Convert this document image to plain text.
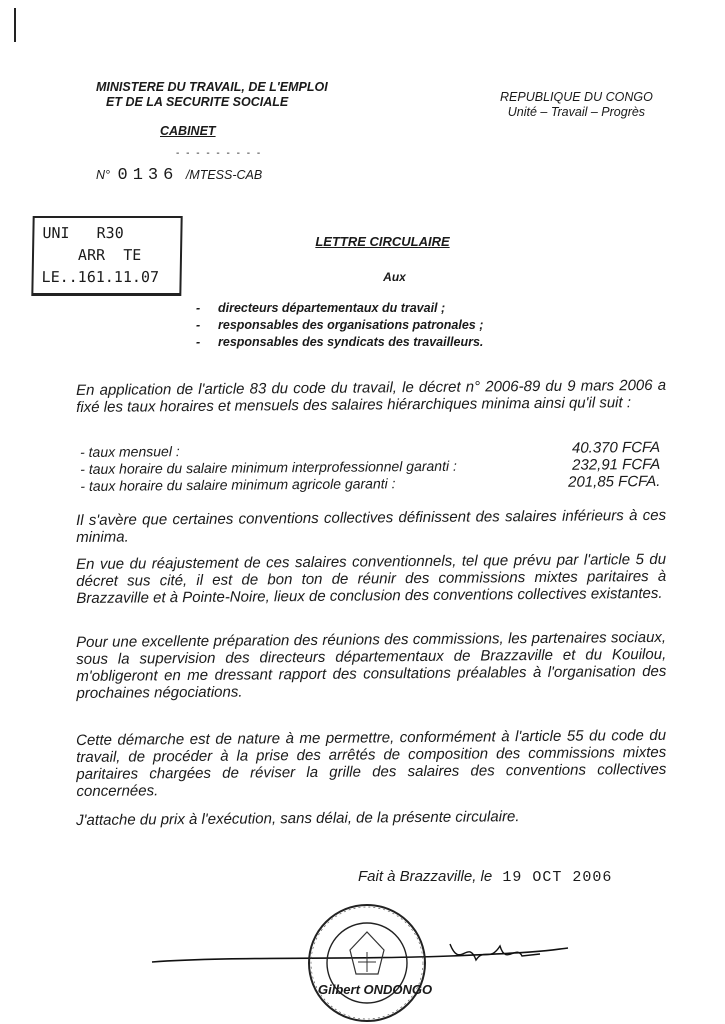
MINISTERE DU TRAVAIL, DE L'EMPLOI
ET DE LA SECURITE SOCIALE
CABINET
- - - - - - - - -
N° 0136 /MTESS-CAB
REPUBLIQUE DU CONGO
Unité – Travail – Progrès
UNI R30
ARR TE
LE..161.11.07
LETTRE CIRCULAIRE
Aux
- directeurs départementaux du travail ;
- responsables des organisations patronales ;
- responsables des syndicats des travailleurs.
En application de l'article 83 du code du travail, le décret n° 2006-89 du 9 mars 2006 a fixé les taux horaires et mensuels des salaires hiérarchiques minima ainsi qu'il suit :
- taux mensuel :	40.370 FCFA
- taux horaire du salaire minimum interprofessionnel garanti :	232,91 FCFA
- taux horaire du salaire minimum agricole garanti :	201,85 FCFA.
Il s'avère que certaines conventions collectives définissent des salaires inférieurs à ces minima.
En vue du réajustement de ces salaires conventionnels, tel que prévu par l'article 5 du décret sus cité, il est de bon ton de réunir des commissions mixtes paritaires à Brazzaville et à Pointe-Noire, lieux de conclusion des conventions collectives existantes.
Pour une excellente préparation des réunions des commissions, les partenaires sociaux, sous la supervision des directeurs départementaux de Brazzaville et du Kouilou, m'obligeront en me dressant rapport des consultations préalables à l'organisation des prochaines négociations.
Cette démarche est de nature à me permettre, conformément à l'article 55 du code du travail, de procéder à la prise des arrêtés de composition des commissions mixtes paritaires chargées de réviser la grille des salaires des conventions collectives concernées.
J'attache du prix à l'exécution, sans délai, de la présente circulaire.
Fait à Brazzaville, le 19 OCT 2006
Gilbert ONDONGO
